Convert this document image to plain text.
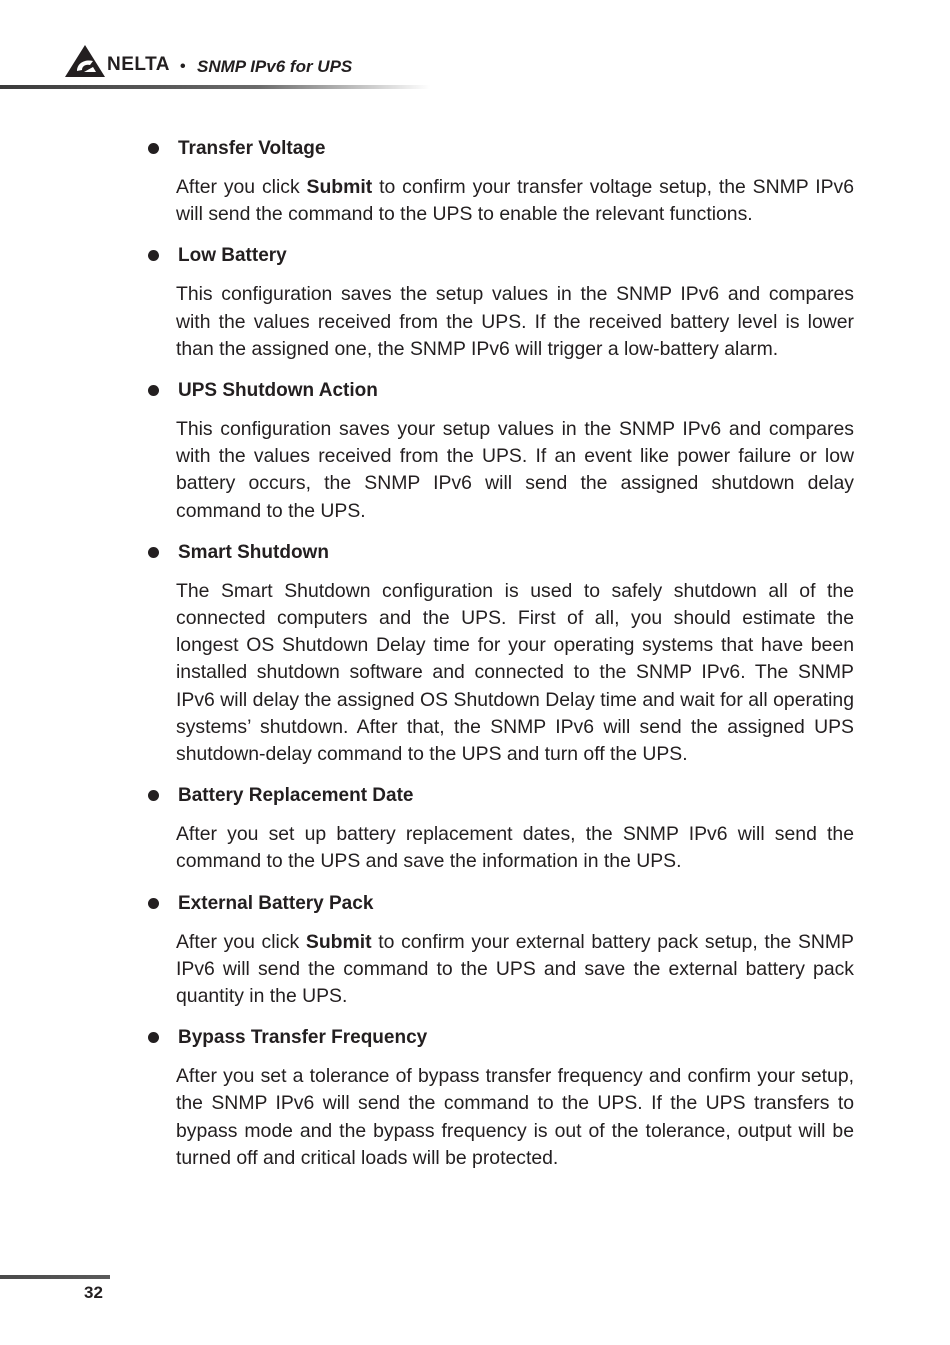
NELTA • SNMP IPv6 for UPS
Transfer Voltage

After you click Submit to confirm your transfer voltage setup, the SNMP IPv6 will send the command to the UPS to enable the relevant functions.

Low Battery

This configuration saves the setup values in the SNMP IPv6 and compares with the values received from the UPS. If the received battery level is lower than the assigned one, the SNMP IPv6 will trigger a low-battery alarm.

UPS Shutdown Action

This configuration saves your setup values in the SNMP IPv6 and compares with the values received from the UPS. If an event like power failure or low battery occurs, the SNMP IPv6 will send the assigned shutdown delay command to the UPS.

Smart Shutdown

The Smart Shutdown configuration is used to safely shutdown all of the connected computers and the UPS. First of all, you should estimate the longest OS Shutdown Delay time for your operating systems that have been installed shutdown software and connected to the SNMP IPv6. The SNMP IPv6 will delay the assigned OS Shutdown Delay time and wait for all operating systems’ shutdown. After that, the SNMP IPv6 will send the assigned UPS shutdown-delay command to the UPS and turn off the UPS.

Battery Replacement Date

After you set up battery replacement dates, the SNMP IPv6 will send the command to the UPS and save the information in the UPS.

External Battery Pack

After you click Submit to confirm your external battery pack setup, the SNMP IPv6 will send the command to the UPS and save the external battery pack quantity in the UPS.

Bypass Transfer Frequency

After you set a tolerance of bypass transfer frequency and confirm your setup, the SNMP IPv6 will send the command to the UPS. If the UPS transfers to bypass mode and the bypass frequency is out of the tolerance, output will be turned off and critical loads will be protected.

32
